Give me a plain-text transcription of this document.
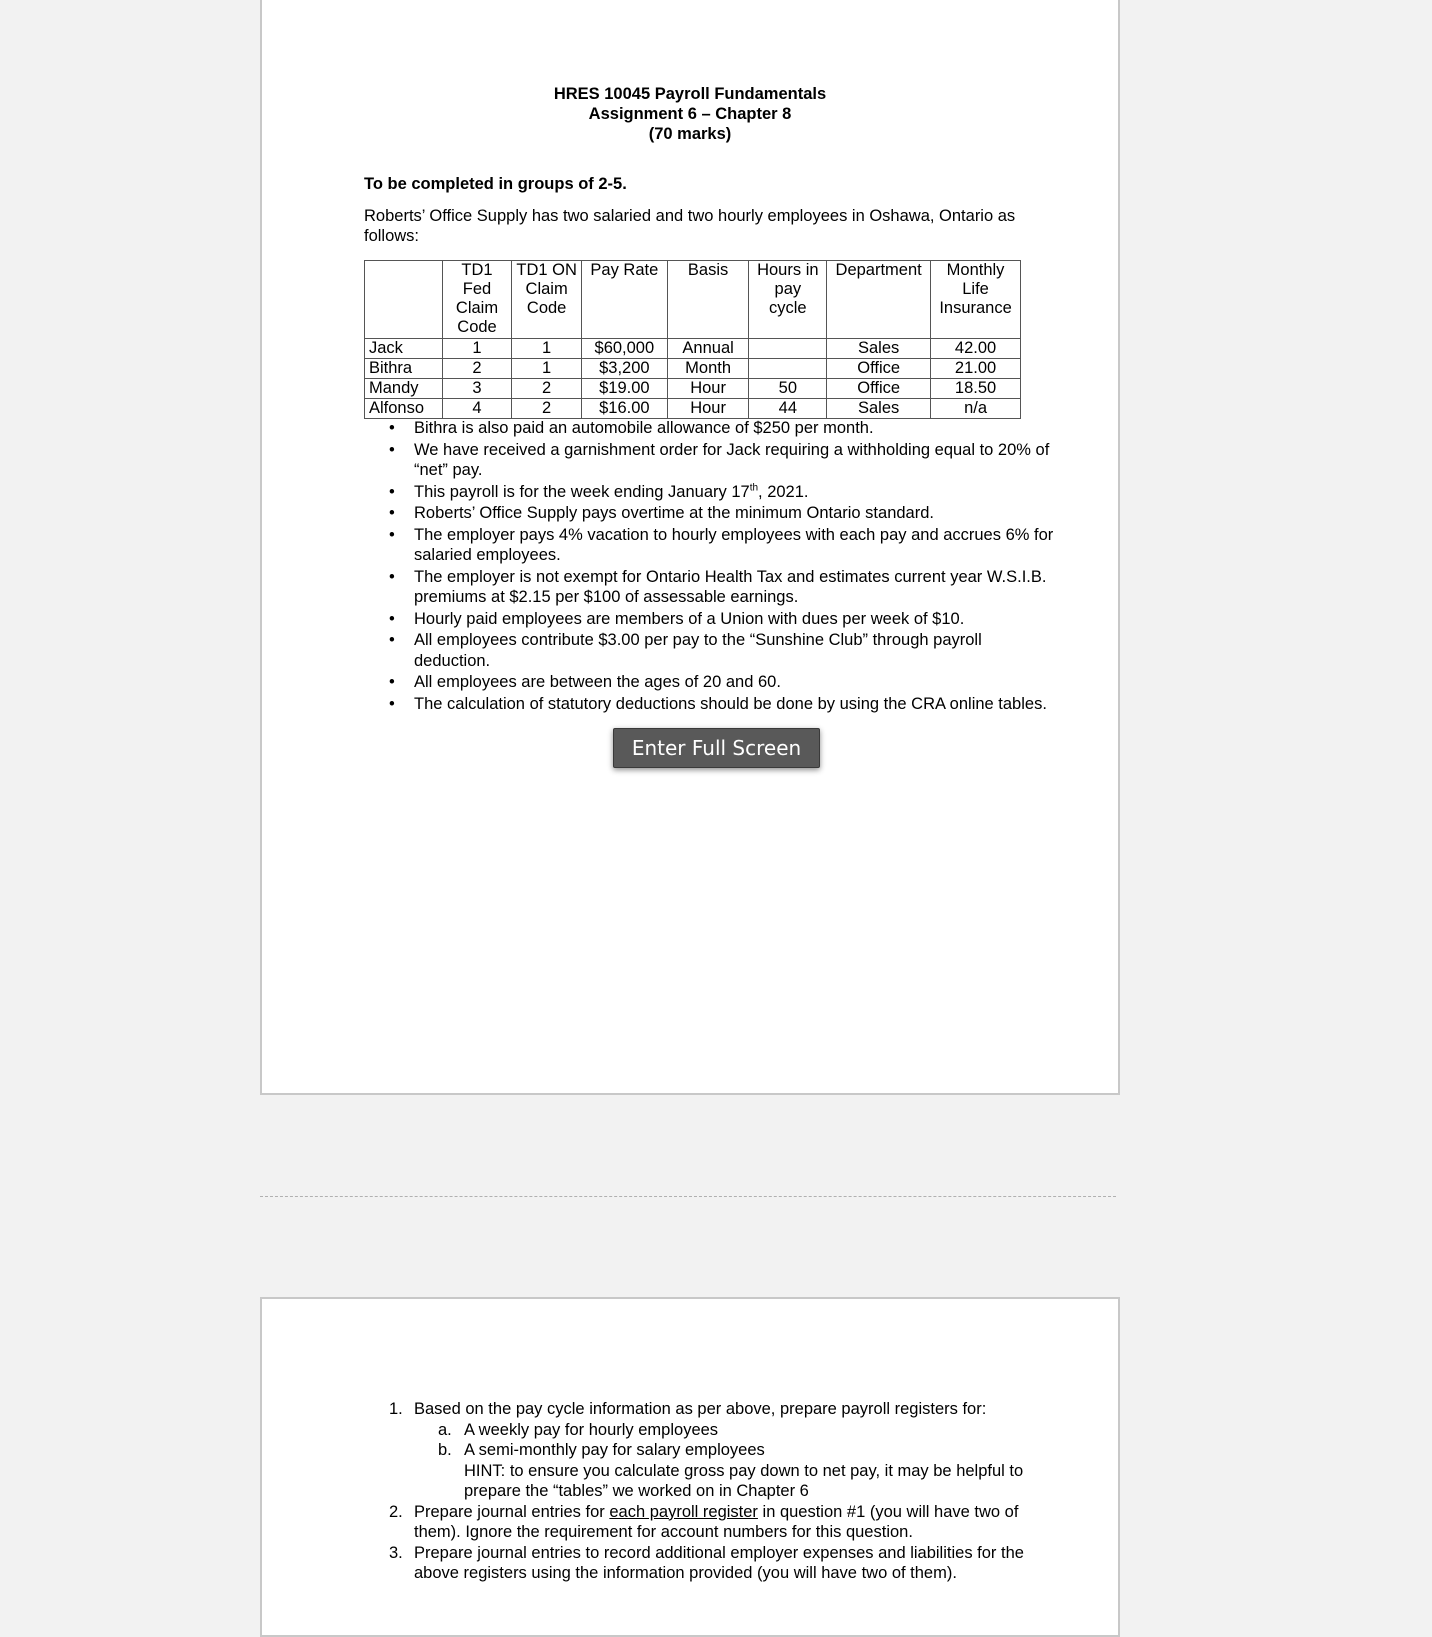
HRES 10045 Payroll Fundamentals
Assignment 6 – Chapter 8
(70 marks)
To be completed in groups of 2-5.
Roberts’ Office Supply has two salaried and two hourly employees in Oshawa, Ontario as follows:
	TD1 Fed Claim Code	TD1 ON Claim Code	Pay Rate	Basis	Hours in pay cycle	Department	Monthly Life Insurance
Jack	1	1	$60,000	Annual		Sales	42.00
Bithra	2	1	$3,200	Month		Office	21.00
Mandy	3	2	$19.00	Hour	50	Office	18.50
Alfonso	4	2	$16.00	Hour	44	Sales	n/a
• Bithra is also paid an automobile allowance of $250 per month.
• We have received a garnishment order for Jack requiring a withholding equal to 20% of “net” pay.
• This payroll is for the week ending January 17th, 2021.
• Roberts’ Office Supply pays overtime at the minimum Ontario standard.
• The employer pays 4% vacation to hourly employees with each pay and accrues 6% for salaried employees.
• The employer is not exempt for Ontario Health Tax and estimates current year W.S.I.B. premiums at $2.15 per $100 of assessable earnings.
• Hourly paid employees are members of a Union with dues per week of $10.
• All employees contribute $3.00 per pay to the “Sunshine Club” through payroll deduction.
• All employees are between the ages of 20 and 60.
• The calculation of statutory deductions should be done by using the CRA online tables.
Enter Full Screen
1. Based on the pay cycle information as per above, prepare payroll registers for:
a. A weekly pay for hourly employees
b. A semi-monthly pay for salary employees
HINT: to ensure you calculate gross pay down to net pay, it may be helpful to prepare the “tables” we worked on in Chapter 6
2. Prepare journal entries for each payroll register in question #1 (you will have two of them). Ignore the requirement for account numbers for this question.
3. Prepare journal entries to record additional employer expenses and liabilities for the above registers using the information provided (you will have two of them).
